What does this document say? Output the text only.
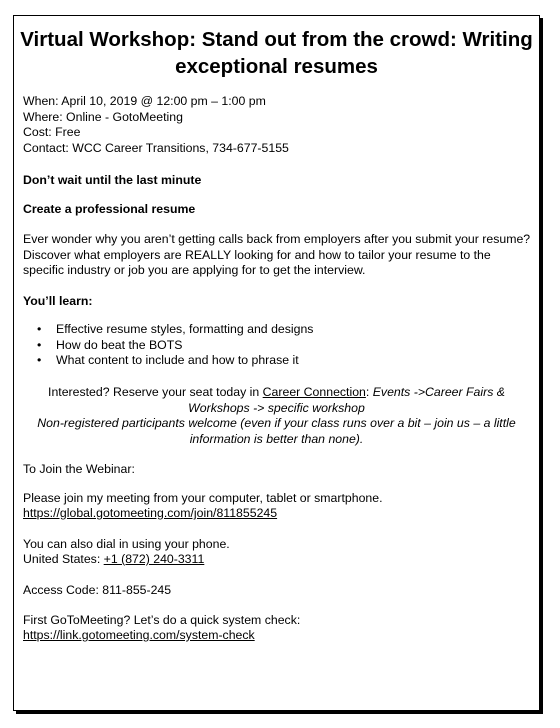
Virtual Workshop: Stand out from the crowd: Writing exceptional resumes
When: April 10, 2019 @ 12:00 pm – 1:00 pm
Where: Online - GotoMeeting
Cost: Free
Contact: WCC Career Transitions, 734-677-5155
Don’t wait until the last minute
Create a professional resume
Ever wonder why you aren’t getting calls back from employers after you submit your resume? Discover what employers are REALLY looking for and how to tailor your resume to the specific industry or job you are applying for to get the interview.
You’ll learn:
• Effective resume styles, formatting and designs
• How do beat the BOTS
• What content to include and how to phrase it
Interested? Reserve your seat today in Career Connection: Events ->Career Fairs & Workshops -> specific workshop
Non-registered participants welcome (even if your class runs over a bit – join us – a little information is better than none).
To Join the Webinar:
Please join my meeting from your computer, tablet or smartphone.
https://global.gotomeeting.com/join/811855245
You can also dial in using your phone.
United States: +1 (872) 240-3311
Access Code: 811-855-245
First GoToMeeting? Let’s do a quick system check:
https://link.gotomeeting.com/system-check
